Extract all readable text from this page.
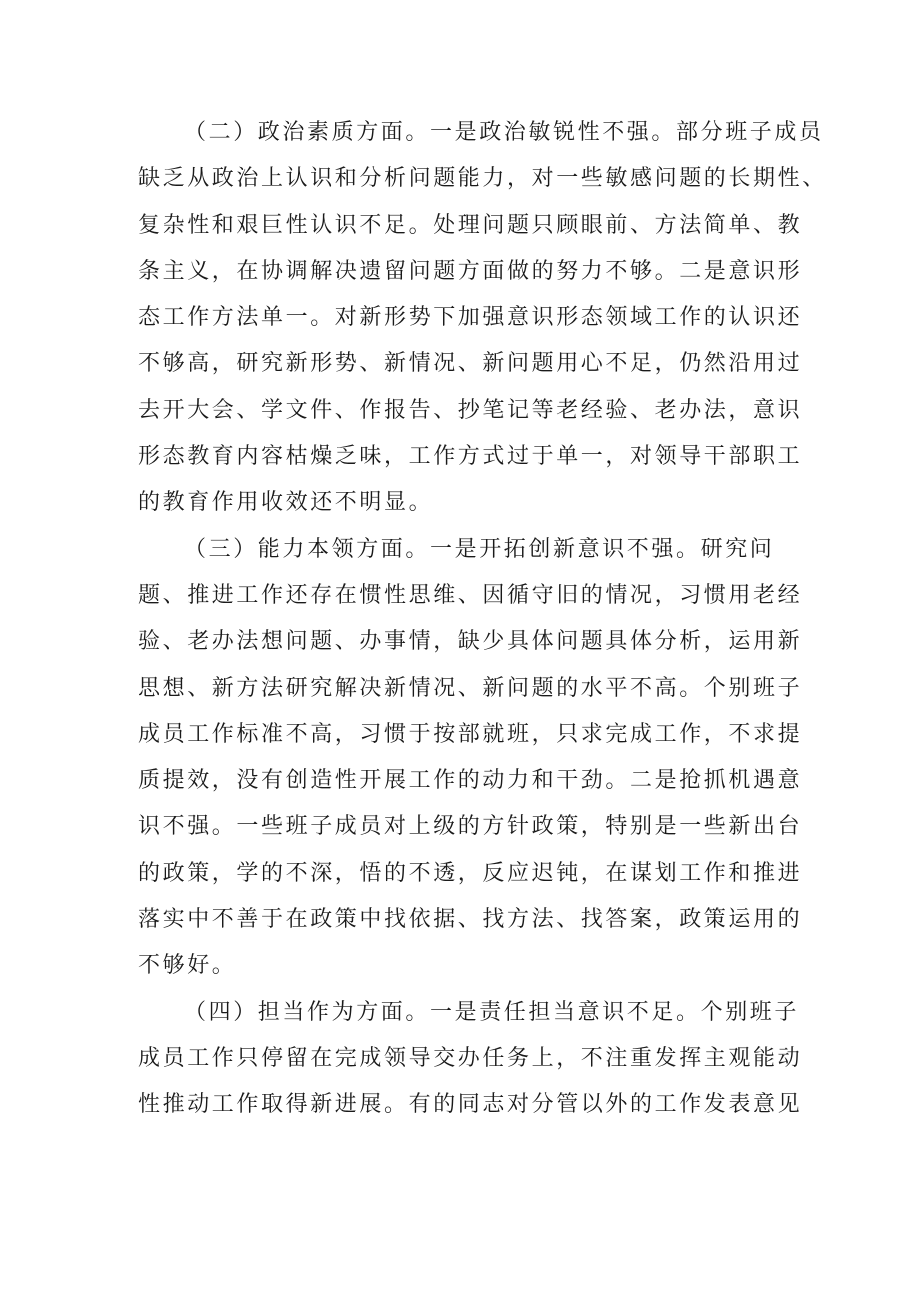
（二）政治素质方面。一是政治敏锐性不强。部分班子成员
缺乏从政治上认识和分析问题能力，对一些敏感问题的长期性、
复杂性和艰巨性认识不足。处理问题只顾眼前、方法简单、教
条主义，在协调解决遗留问题方面做的努力不够。二是意识形
态工作方法单一。对新形势下加强意识形态领域工作的认识还
不够高，研究新形势、新情况、新问题用心不足，仍然沿用过
去开大会、学文件、作报告、抄笔记等老经验、老办法，意识
形态教育内容枯燥乏味，工作方式过于单一，对领导干部职工
的教育作用收效还不明显。
（三）能力本领方面。一是开拓创新意识不强。研究问
题、推进工作还存在惯性思维、因循守旧的情况，习惯用老经
验、老办法想问题、办事情，缺少具体问题具体分析，运用新
思想、新方法研究解决新情况、新问题的水平不高。个别班子
成员工作标准不高，习惯于按部就班，只求完成工作，不求提
质提效，没有创造性开展工作的动力和干劲。二是抢抓机遇意
识不强。一些班子成员对上级的方针政策，特别是一些新出台
的政策，学的不深，悟的不透，反应迟钝，在谋划工作和推进
落实中不善于在政策中找依据、找方法、找答案，政策运用的
不够好。
（四）担当作为方面。一是责任担当意识不足。个别班子
成员工作只停留在完成领导交办任务上，不注重发挥主观能动
性推动工作取得新进展。有的同志对分管以外的工作发表意见
